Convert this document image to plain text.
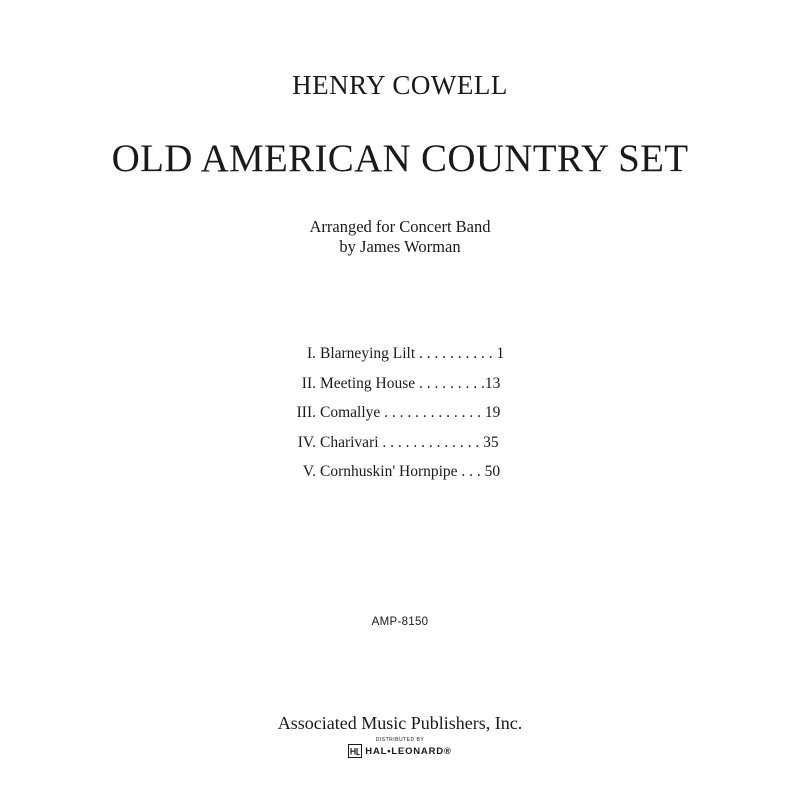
HENRY COWELL
OLD AMERICAN COUNTRY SET
Arranged for Concert Band
by James Worman
I. Blarneying Lilt . . . . . . . . . . 1
II. Meeting House . . . . . . . . .13
III. Comallye . . . . . . . . . . . . . 19
IV. Charivari . . . . . . . . . . . . . 35
V. Cornhuskin' Hornpipe . . . 50
AMP-8150
Associated Music Publishers, Inc.
DISTRIBUTED BY
HAL•LEONARD®
